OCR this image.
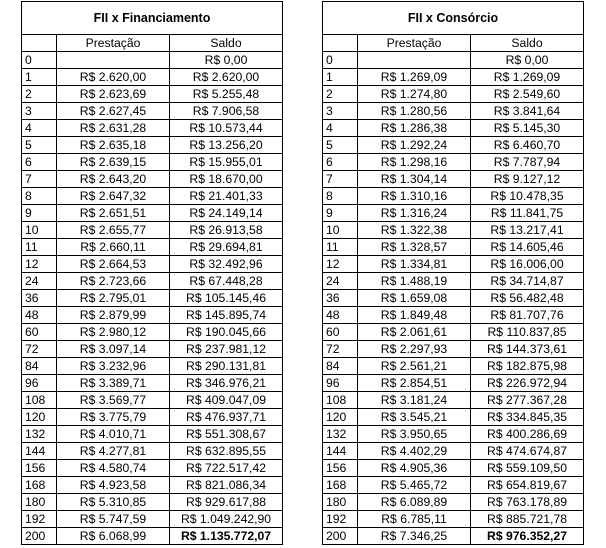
FII x Financiamento		
	Prestação	Saldo
0		R$ 0,00
1	R$ 2.620,00	R$ 2.620,00
2	R$ 2.623,69	R$ 5.255,48
3	R$ 2.627,45	R$ 7.906,58
4	R$ 2.631,28	R$ 10.573,44
5	R$ 2.635,18	R$ 13.256,20
6	R$ 2.639,15	R$ 15.955,01
7	R$ 2.643,20	R$ 18.670,00
8	R$ 2.647,32	R$ 21.401,33
9	R$ 2.651,51	R$ 24.149,14
10	R$ 2.655,77	R$ 26.913,58
11	R$ 2.660,11	R$ 29.694,81
12	R$ 2.664,53	R$ 32.492,96
24	R$ 2.723,66	R$ 67.448,28
36	R$ 2.795,01	R$ 105.145,46
48	R$ 2.879,99	R$ 145.895,74
60	R$ 2.980,12	R$ 190.045,66
72	R$ 3.097,14	R$ 237.981,12
84	R$ 3.232,96	R$ 290.131,81
96	R$ 3.389,71	R$ 346.976,21
108	R$ 3.569,77	R$ 409.047,09
120	R$ 3.775,79	R$ 476.937,71
132	R$ 4.010,71	R$ 551.308,67
144	R$ 4.277,81	R$ 632.895,55
156	R$ 4.580,74	R$ 722.517,42
168	R$ 4.923,58	R$ 821.086,34
180	R$ 5.310,85	R$ 929.617,88
192	R$ 5.747,59	R$ 1.049.242,90
200	R$ 6.068,99	R$ 1.135.772,07
FII x Consórcio		
	Prestação	Saldo
0		R$ 0,00
1	R$ 1.269,09	R$ 1.269,09
2	R$ 1.274,80	R$ 2.549,60
3	R$ 1.280,56	R$ 3.841,64
4	R$ 1.286,38	R$ 5.145,30
5	R$ 1.292,24	R$ 6.460,70
6	R$ 1.298,16	R$ 7.787,94
7	R$ 1.304,14	R$ 9.127,12
8	R$ 1.310,16	R$ 10.478,35
9	R$ 1.316,24	R$ 11.841,75
10	R$ 1.322,38	R$ 13.217,41
11	R$ 1.328,57	R$ 14.605,46
12	R$ 1.334,81	R$ 16.006,00
24	R$ 1.488,19	R$ 34.714,87
36	R$ 1.659,08	R$ 56.482,48
48	R$ 1.849,48	R$ 81.707,76
60	R$ 2.061,61	R$ 110.837,85
72	R$ 2.297,93	R$ 144.373,61
84	R$ 2.561,21	R$ 182.875,98
96	R$ 2.854,51	R$ 226.972,94
108	R$ 3.181,24	R$ 277.367,28
120	R$ 3.545,21	R$ 334.845,35
132	R$ 3.950,65	R$ 400.286,69
144	R$ 4.402,29	R$ 474.674,87
156	R$ 4.905,36	R$ 559.109,50
168	R$ 5.465,72	R$ 654.819,67
180	R$ 6.089,89	R$ 763.178,89
192	R$ 6.785,11	R$ 885.721,78
200	R$ 7.346,25	R$ 976.352,27
